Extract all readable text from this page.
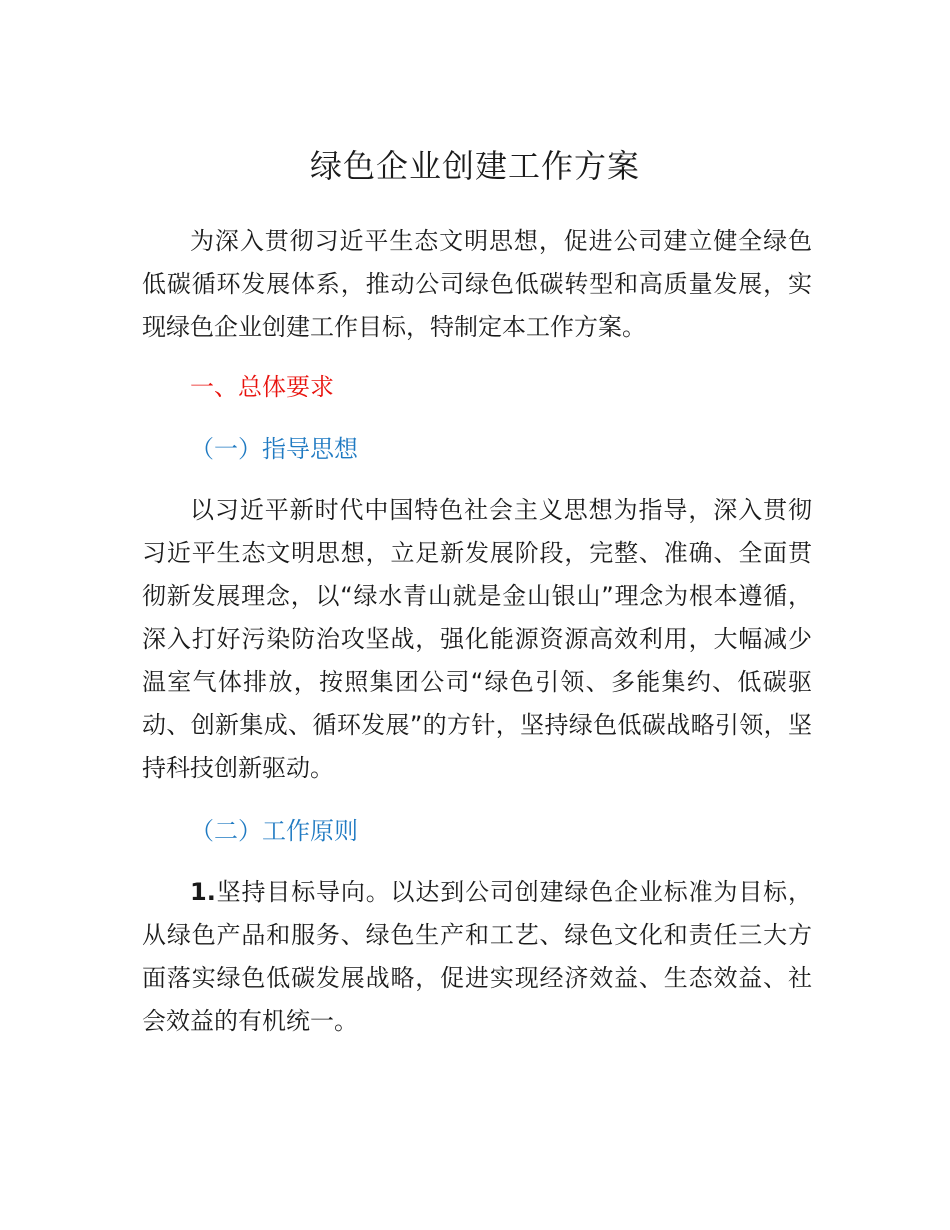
绿色企业创建工作方案

为深入贯彻习近平生态文明思想，促进公司建立健全绿色低碳循环发展体系，推动公司绿色低碳转型和高质量发展，实现绿色企业创建工作目标，特制定本工作方案。

一、总体要求
（一）指导思想

以习近平新时代中国特色社会主义思想为指导，深入贯彻习近平生态文明思想，立足新发展阶段，完整、准确、全面贯彻新发展理念，以“绿水青山就是金山银山”理念为根本遵循，深入打好污染防治攻坚战，强化能源资源高效利用，大幅减少温室气体排放，按照集团公司“绿色引领、多能集约、低碳驱动、创新集成、循环发展”的方针，坚持绿色低碳战略引领，坚持科技创新驱动。

（二）工作原则

1.坚持目标导向。以达到公司创建绿色企业标准为目标，从绿色产品和服务、绿色生产和工艺、绿色文化和责任三大方面落实绿色低碳发展战略，促进实现经济效益、生态效益、社会效益的有机统一。
